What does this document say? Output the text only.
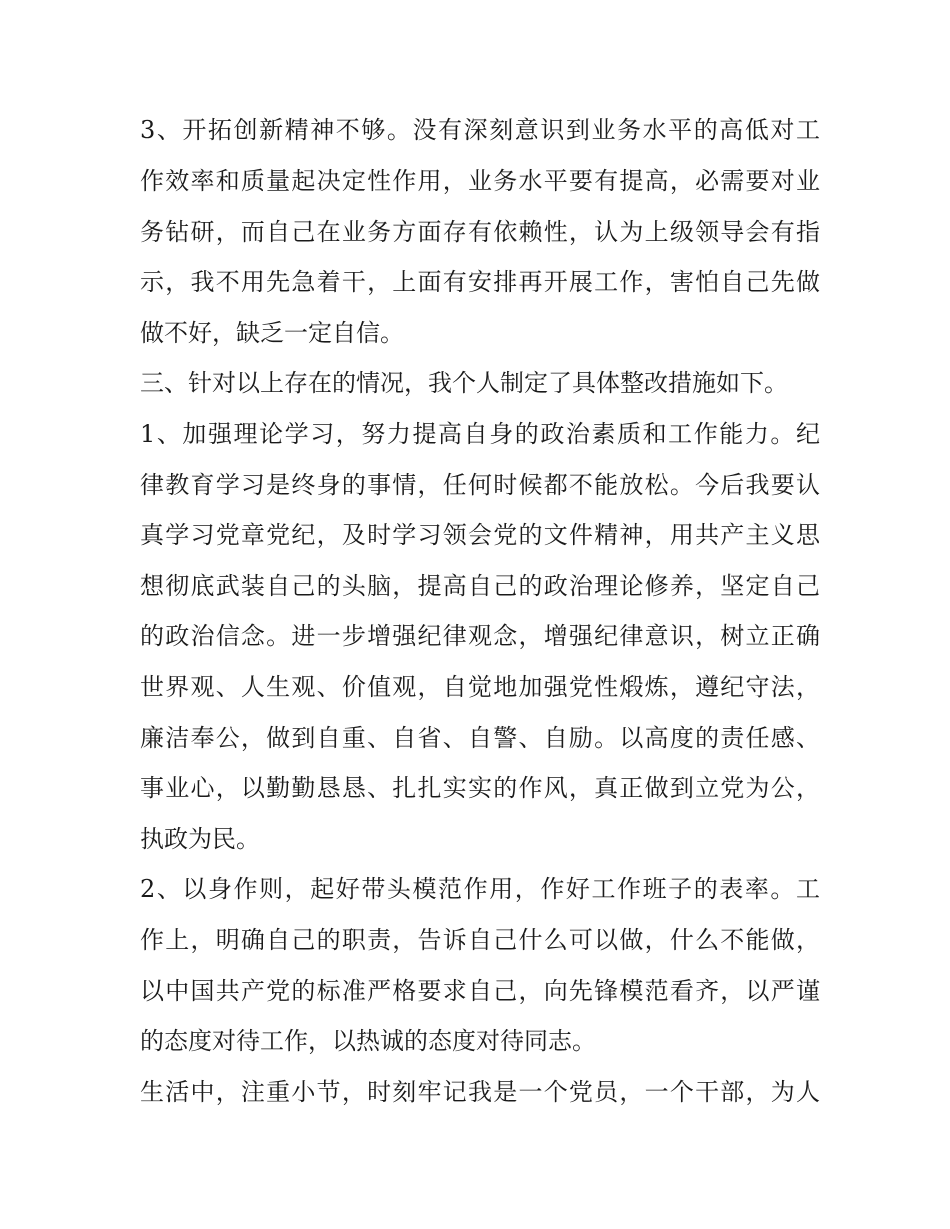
3、开拓创新精神不够。没有深刻意识到业务水平的高低对工
作效率和质量起决定性作用，业务水平要有提高，必需要对业
务钻研，而自己在业务方面存有依赖性，认为上级领导会有指
示，我不用先急着干，上面有安排再开展工作，害怕自己先做
做不好，缺乏一定自信。
三、针对以上存在的情况，我个人制定了具体整改措施如下。
1、加强理论学习，努力提高自身的政治素质和工作能力。纪
律教育学习是终身的事情，任何时候都不能放松。今后我要认
真学习党章党纪，及时学习领会党的文件精神，用共产主义思
想彻底武装自己的头脑，提高自己的政治理论修养，坚定自己
的政治信念。进一步增强纪律观念，增强纪律意识，树立正确
世界观、人生观、价值观，自觉地加强党性煅炼，遵纪守法，
廉洁奉公，做到自重、自省、自警、自励。以高度的责任感、
事业心，以勤勤恳恳、扎扎实实的作风，真正做到立党为公，
执政为民。
2、以身作则，起好带头模范作用，作好工作班子的表率。工
作上，明确自己的职责，告诉自己什么可以做，什么不能做，
以中国共产党的标准严格要求自己，向先锋模范看齐，以严谨
的态度对待工作，以热诚的态度对待同志。
生活中，注重小节，时刻牢记我是一个党员，一个干部，为人
